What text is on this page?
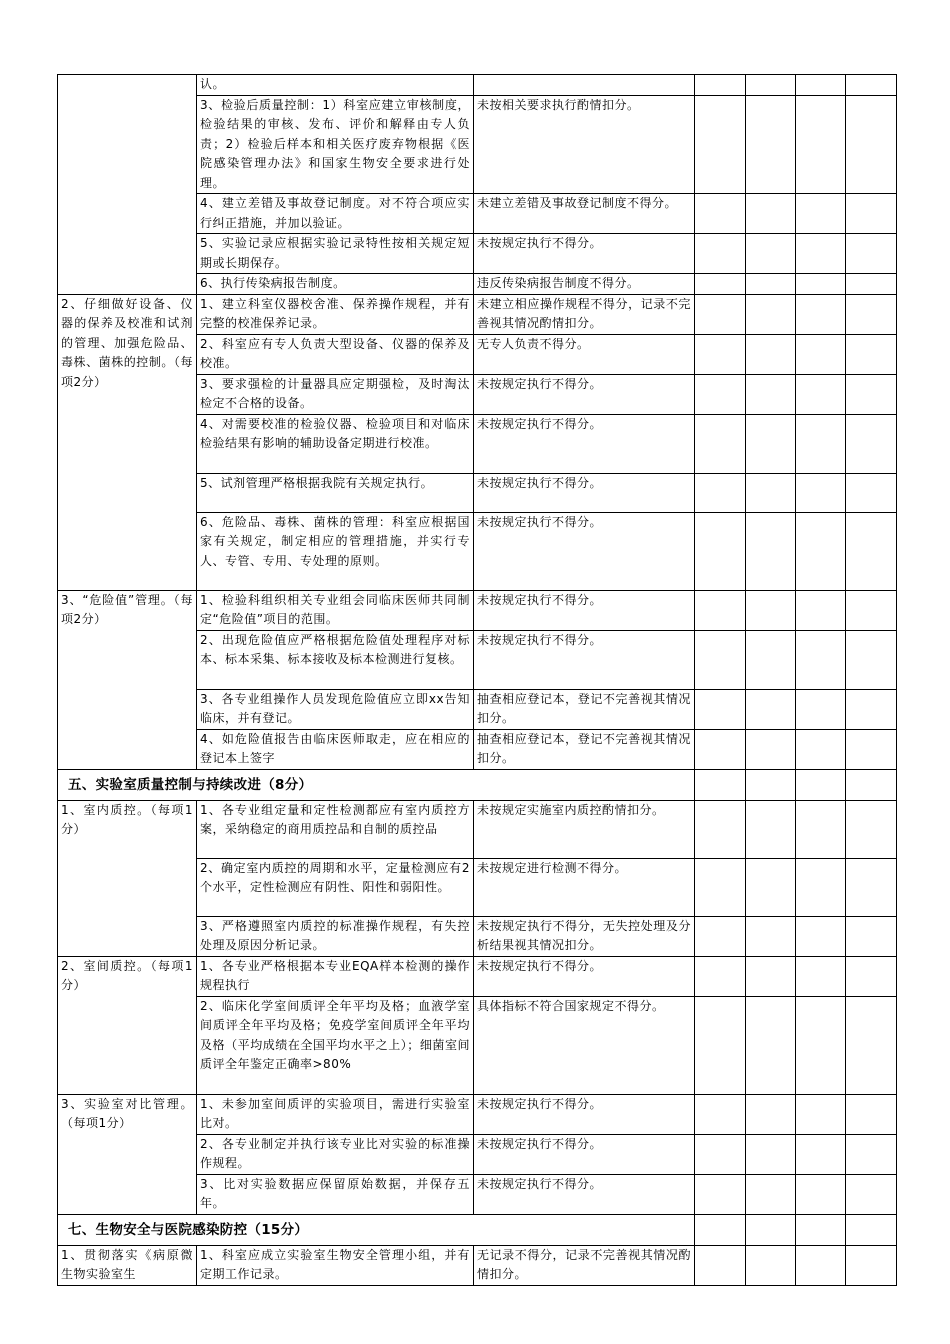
	认。					
	3、检验后质量控制：1）科室应建立审核制度，检验结果的审核、发布、评价和解释由专人负责；2）检验后样本和相关医疗废弃物根据《医院感染管理办法》和国家生物安全要求进行处理。	未按相关要求执行酌情扣分。				
	4、建立差错及事故登记制度。对不符合项应实行纠正措施，并加以验证。	未建立差错及事故登记制度不得分。				
	5、实验记录应根据实验记录特性按相关规定短期或长期保存。	未按规定执行不得分。				
	6、执行传染病报告制度。	违反传染病报告制度不得分。				
2、仔细做好设备、仪器的保养及校准和试剂的管理、加强危险品、毒株、菌株的控制。（每项2分）	1、建立科室仪器校舍准、保养操作规程，并有完整的校准保养记录。	未建立相应操作规程不得分，记录不完善视其情况酌情扣分。				
	2、科室应有专人负责大型设备、仪器的保养及校准。	无专人负责不得分。				
	3、要求强检的计量器具应定期强检，及时淘汰检定不合格的设备。	未按规定执行不得分。				
	4、对需要校准的检验仪器、检验项目和对临床检验结果有影响的辅助设备定期进行校准。	未按规定执行不得分。				
	5、试剂管理严格根据我院有关规定执行。	未按规定执行不得分。				
	6、危险品、毒株、菌株的管理：科室应根据国家有关规定，制定相应的管理措施，并实行专人、专管、专用、专处理的原则。	未按规定执行不得分。				
3、“危险值”管理。（每项2分）	1、检验科组织相关专业组会同临床医师共同制定“危险值”项目的范围。	未按规定执行不得分。				
	2、出现危险值应严格根据危险值处理程序对标本、标本采集、标本接收及标本检测进行复核。	未按规定执行不得分。				
	3、各专业组操作人员发现危险值应立即xx告知临床，并有登记。	抽查相应登记本，登记不完善视其情况扣分。				
	4、如危险值报告由临床医师取走，应在相应的登记本上签字	抽查相应登记本，登记不完善视其情况扣分。				
五、实验室质量控制与持续改进（8分）						
1、室内质控。（每项1分）	1、各专业组定量和定性检测都应有室内质控方案，采纳稳定的商用质控品和自制的质控品	未按规定实施室内质控酌情扣分。				
	2、确定室内质控的周期和水平，定量检测应有2个水平，定性检测应有阴性、阳性和弱阳性。	未按规定进行检测不得分。				
	3、严格遵照室内质控的标准操作规程，有失控处理及原因分析记录。	未按规定执行不得分，无失控处理及分析结果视其情况扣分。				
2、室间质控。（每项1分）	1、各专业严格根据本专业EQA样本检测的操作规程执行	未按规定执行不得分。				
	2、临床化学室间质评全年平均及格；血液学室间质评全年平均及格；免疫学室间质评全年平均及格（平均成绩在全国平均水平之上）；细菌室间质评全年鉴定正确率>80%	具体指标不符合国家规定不得分。				
3、实验室对比管理。（每项1分）	1、未参加室间质评的实验项目，需进行实验室比对。	未按规定执行不得分。				
	2、各专业制定并执行该专业比对实验的标准操作规程。	未按规定执行不得分。				
	3、比对实验数据应保留原始数据，并保存五年。	未按规定执行不得分。				
七、生物安全与医院感染防控（15分）						
1、贯彻落实《病原微生物实验室生	1、科室应成立实验室生物安全管理小组，并有定期工作记录。	无记录不得分，记录不完善视其情况酌情扣分。				
